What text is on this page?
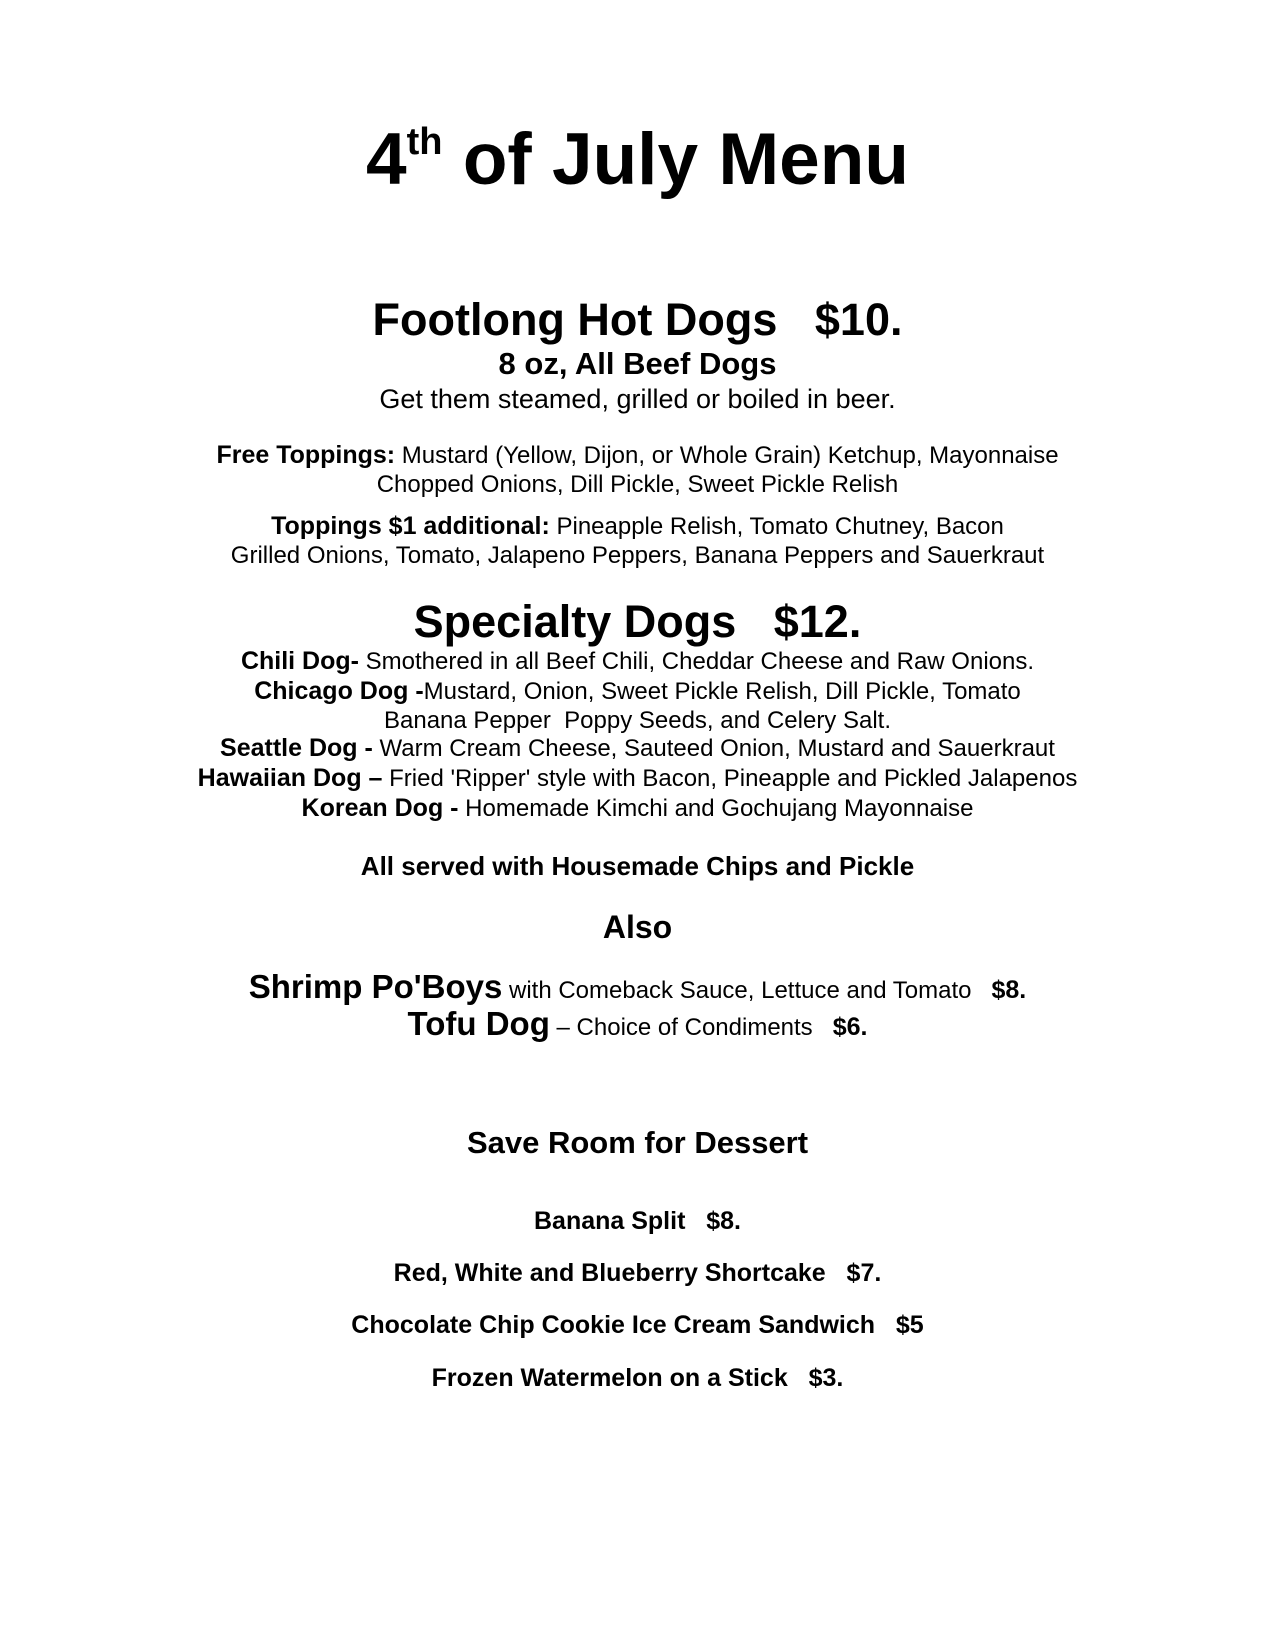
4th of July Menu
Footlong Hot Dogs   $10.
8 oz, All Beef Dogs
Get them steamed, grilled or boiled in beer.
Free Toppings: Mustard (Yellow, Dijon, or Whole Grain) Ketchup, Mayonnaise
Chopped Onions, Dill Pickle, Sweet Pickle Relish
Toppings $1 additional: Pineapple Relish, Tomato Chutney, Bacon
Grilled Onions, Tomato, Jalapeno Peppers, Banana Peppers and Sauerkraut
Specialty Dogs   $12.
Chili Dog- Smothered in all Beef Chili, Cheddar Cheese and Raw Onions.
Chicago Dog -Mustard, Onion, Sweet Pickle Relish, Dill Pickle, Tomato
Banana Pepper  Poppy Seeds, and Celery Salt.
Seattle Dog - Warm Cream Cheese, Sauteed Onion, Mustard and Sauerkraut
Hawaiian Dog – Fried 'Ripper' style with Bacon, Pineapple and Pickled Jalapenos
Korean Dog - Homemade Kimchi and Gochujang Mayonnaise
All served with Housemade Chips and Pickle
Also
Shrimp Po'Boys with Comeback Sauce, Lettuce and Tomato   $8.
Tofu Dog – Choice of Condiments   $6.
Save Room for Dessert
Banana Split   $8.
Red, White and Blueberry Shortcake   $7.
Chocolate Chip Cookie Ice Cream Sandwich   $5
Frozen Watermelon on a Stick   $3.
